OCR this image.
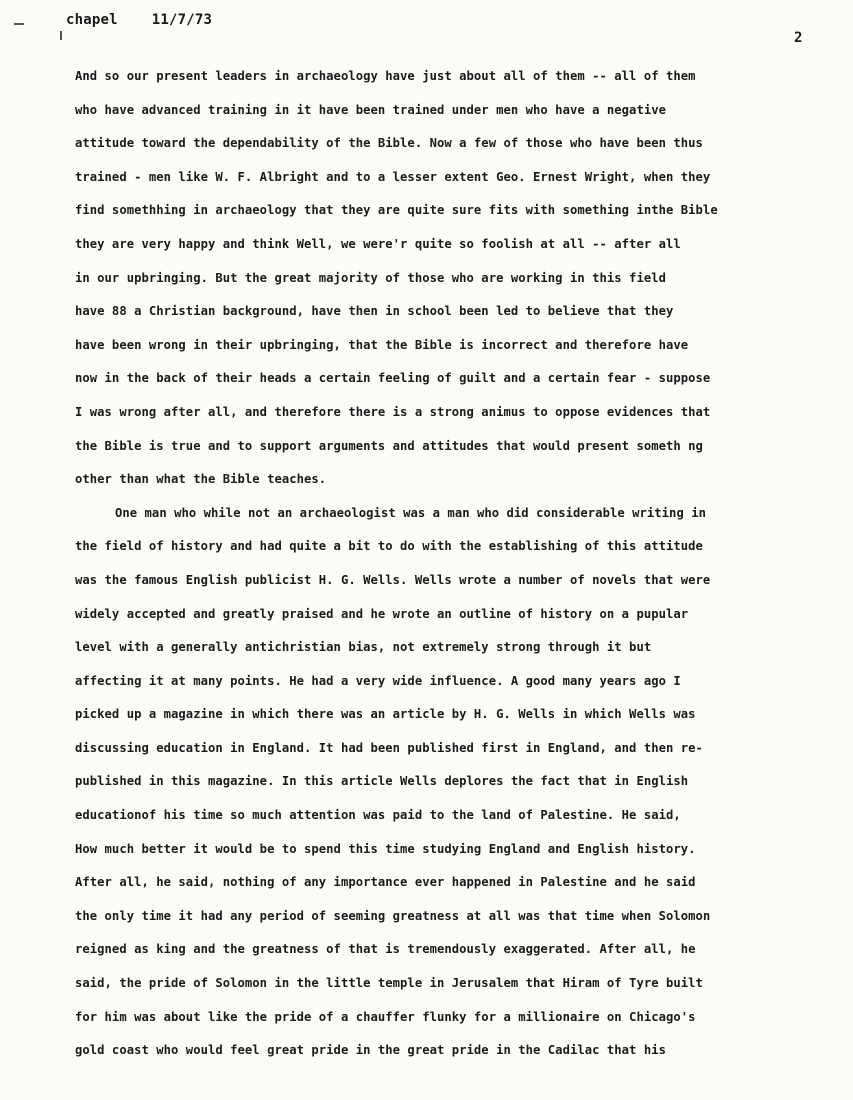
chapel 11/7/73
2
And so our present leaders in archaeology have just about all of them -- all of them
who have advanced training in it have been trained under men who have a negative
attitude toward the dependability of the Bible. Now a few of those who have been thus
trained - men like W. F. Albright and to a lesser extent Geo. Ernest Wright, when they
find somethhing in archaeology that they are quite sure fits with something inthe Bible
they are very happy and think Well, we were'r quite so foolish at all -- after all
in our upbringing. But the great majority of those who are working in this field
have 88 a Christian background, have then in school been led to believe that they
have been wrong in their upbringing, that the Bible is incorrect and therefore have
now in the back of their heads a certain feeling of guilt and a certain fear - suppose
I was wrong after all, and therefore there is a strong animus to oppose evidences that
the Bible is true and to support arguments and attitudes that would present someth ng
other than what the Bible teaches.
One man who while not an archaeologist was a man who did considerable writing in
the field of history and had quite a bit to do with the establishing of this attitude
was the famous English publicist H. G. Wells. Wells wrote a number of novels that were
widely accepted and greatly praised and he wrote an outline of history on a pupular
level with a generally antichristian bias, not extremely strong through it but
affecting it at many points. He had a very wide influence. A good many years ago I
picked up a magazine in which there was an article by H. G. Wells in which Wells was
discussing education in England. It had been published first in England, and then re-
published in this magazine. In this article Wells deplores the fact that in English
educationof his time so much attention was paid to the land of Palestine. He said,
How much better it would be to spend this time studying England and English history.
After all, he said, nothing of any importance ever happened in Palestine and he said
the only time it had any period of seeming greatness at all was that time when Solomon
reigned as king and the greatness of that is tremendously exaggerated. After all, he
said, the pride of Solomon in the little temple in Jerusalem that Hiram of Tyre built
for him was about like the pride of a chauffer flunky for a millionaire on Chicago's
gold coast who would feel great pride in the great pride in the Cadilac that his
